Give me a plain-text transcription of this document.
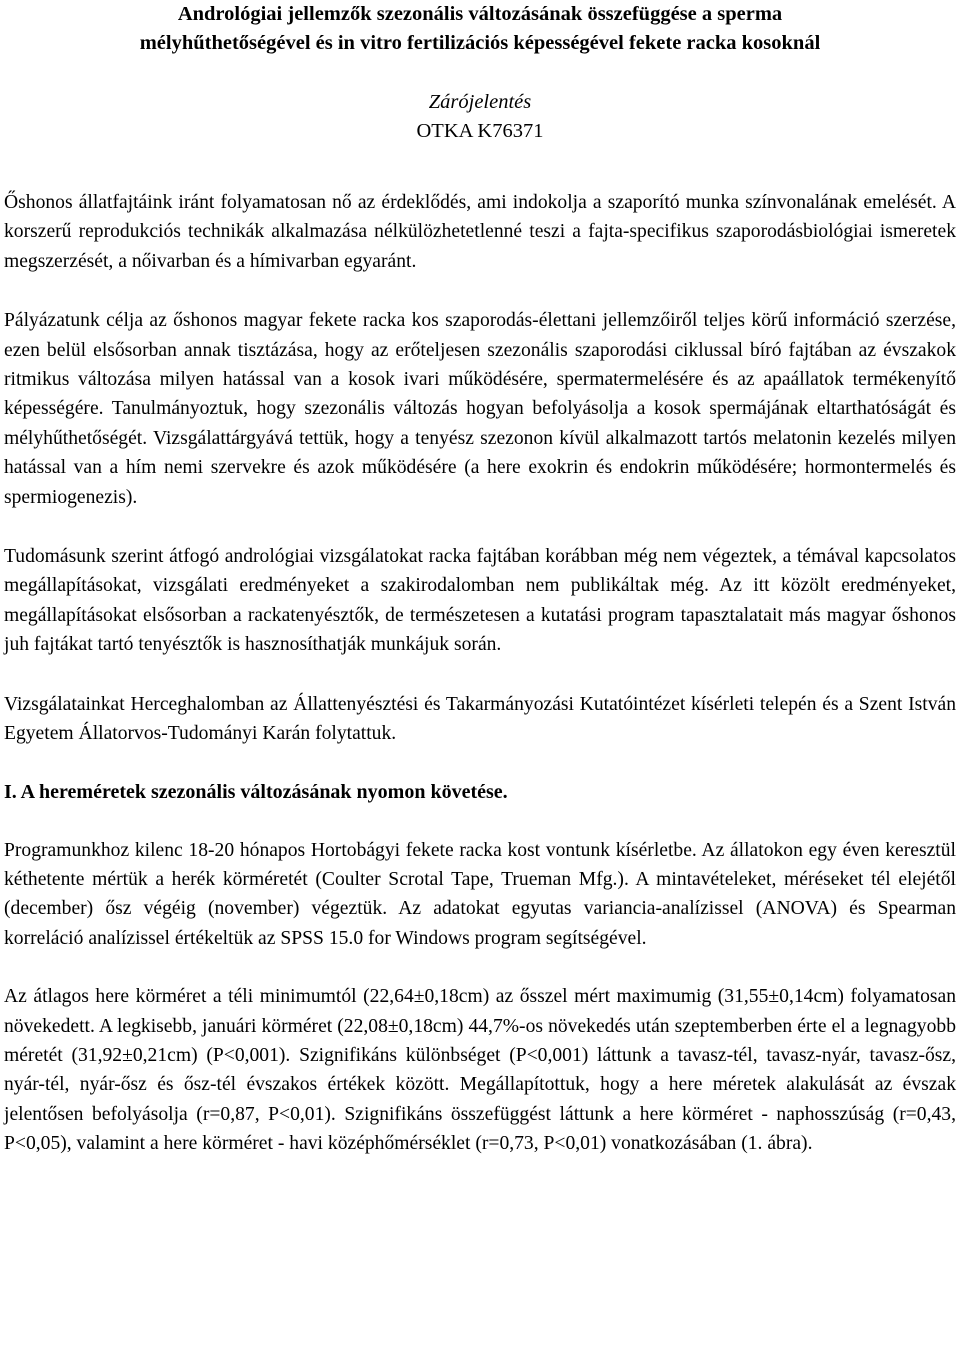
Andrológiai jellemzők szezonális változásának összefüggése a sperma
mélyhűthetőségével és in vitro fertilizációs képességével fekete racka kosoknál
Zárójelentés
OTKA K76371

Őshonos állatfajtáink iránt folyamatosan nő az érdeklődés, ami indokolja a szaporító munka színvonalának emelését. A korszerű reprodukciós technikák alkalmazása nélkülözhetetlenné teszi a fajta-specifikus szaporodásbiológiai ismeretek megszerzését, a nőivarban és a hímivarban egyaránt.

Pályázatunk célja az őshonos magyar fekete racka kos szaporodás-élettani jellemzőiről teljes körű információ szerzése, ezen belül elsősorban annak tisztázása, hogy az erőteljesen szezonális szaporodási ciklussal bíró fajtában az évszakok ritmikus változása milyen hatással van a kosok ivari működésére, spermatermelésére és az apaállatok termékenyítő képességére. Tanulmányoztuk, hogy szezonális változás hogyan befolyásolja a kosok spermájának eltarthatóságát és mélyhűthetőségét. Vizsgálattárgyává tettük, hogy a tenyész szezonon kívül alkalmazott tartós melatonin kezelés milyen hatással van a hím nemi szervekre és azok működésére (a here exokrin és endokrin működésére; hormontermelés és spermiogenezis).

Tudomásunk szerint átfogó andrológiai vizsgálatokat racka fajtában korábban még nem végeztek, a témával kapcsolatos megállapításokat, vizsgálati eredményeket a szakirodalomban nem publikáltak még. Az itt közölt eredményeket, megállapításokat elsősorban a rackatenyésztők, de természetesen a kutatási program tapasztalatait más magyar őshonos juh fajtákat tartó tenyésztők is hasznosíthatják munkájuk során.

Vizsgálatainkat Herceghalomban az Állattenyésztési és Takarmányozási Kutatóintézet kísérleti telepén és a Szent István Egyetem Állatorvos-Tudományi Karán folytattuk.

I. A hereméretek szezonális változásának nyomon követése.

Programunkhoz kilenc 18-20 hónapos Hortobágyi fekete racka kost vontunk kísérletbe. Az állatokon egy éven keresztül kéthetente mértük a herék körméretét (Coulter Scrotal Tape, Trueman Mfg.). A mintavételeket, méréseket tél elejétől (december) ősz végéig (november) végeztük. Az adatokat egyutas variancia-analízissel (ANOVA) és Spearman korreláció analízissel értékeltük az SPSS 15.0 for Windows program segítségével.

Az átlagos here körméret a téli minimumtól (22,64±0,18cm) az ősszel mért maximumig (31,55±0,14cm) folyamatosan növekedett. A legkisebb, januári körméret (22,08±0,18cm) 44,7%-os növekedés után szeptemberben érte el a legnagyobb méretét (31,92±0,21cm) (P<0,001). Szignifikáns különbséget (P<0,001) láttunk a tavasz-tél, tavasz-nyár, tavasz-ősz, nyár-tél, nyár-ősz és ősz-tél évszakos értékek között. Megállapítottuk, hogy a here méretek alakulását az évszak jelentősen befolyásolja (r=0,87, P<0,01). Szignifikáns összefüggést láttunk a here körméret - naphosszúság (r=0,43, P<0,05), valamint a here körméret - havi középhőmérséklet (r=0,73, P<0,01) vonatkozásában (1. ábra).
